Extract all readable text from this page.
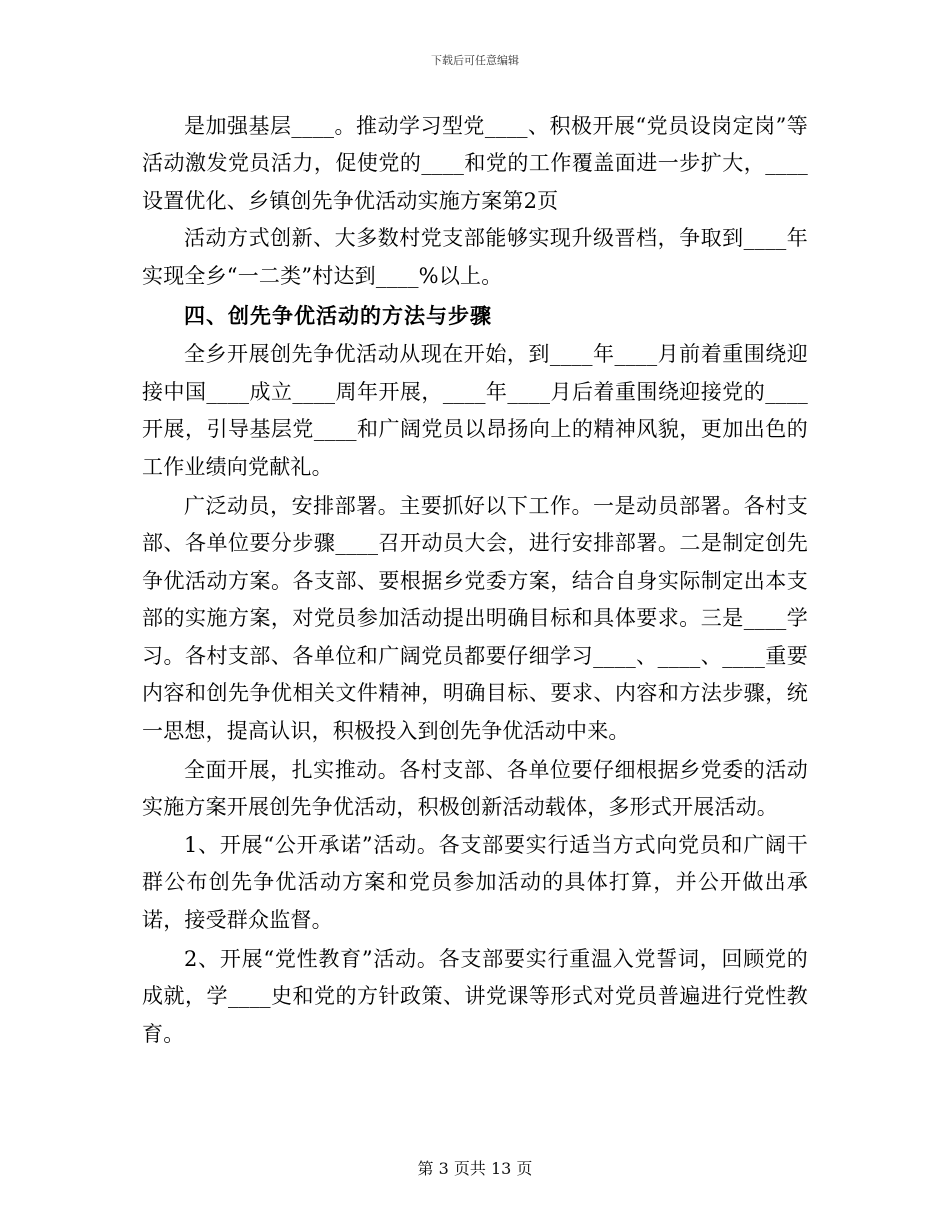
下载后可任意编辑

是加强基层____。推动学习型党____、积极开展“党员设岗定岗”等活动激发党员活力，促使党的____和党的工作覆盖面进一步扩大，____设置优化、乡镇创先争优活动实施方案第2页

活动方式创新、大多数村党支部能够实现升级晋档，争取到____年实现全乡“一二类”村达到____%以上。

四、创先争优活动的方法与步骤

全乡开展创先争优活动从现在开始，到____年____月前着重围绕迎接中国____成立____周年开展，____年____月后着重围绕迎接党的____开展，引导基层党____和广阔党员以昂扬向上的精神风貌，更加出色的工作业绩向党献礼。

广泛动员，安排部署。主要抓好以下工作。一是动员部署。各村支部、各单位要分步骤____召开动员大会，进行安排部署。二是制定创先争优活动方案。各支部、要根据乡党委方案，结合自身实际制定出本支部的实施方案，对党员参加活动提出明确目标和具体要求。三是____学习。各村支部、各单位和广阔党员都要仔细学习____、____、____重要内容和创先争优相关文件精神，明确目标、要求、内容和方法步骤，统一思想，提高认识，积极投入到创先争优活动中来。

全面开展，扎实推动。各村支部、各单位要仔细根据乡党委的活动实施方案开展创先争优活动，积极创新活动载体，多形式开展活动。

1、开展“公开承诺”活动。各支部要实行适当方式向党员和广阔干群公布创先争优活动方案和党员参加活动的具体打算，并公开做出承诺，接受群众监督。

2、开展“党性教育”活动。各支部要实行重温入党誓词，回顾党的成就，学____史和党的方针政策、讲党课等形式对党员普遍进行党性教育。

第 3 页共 13 页
